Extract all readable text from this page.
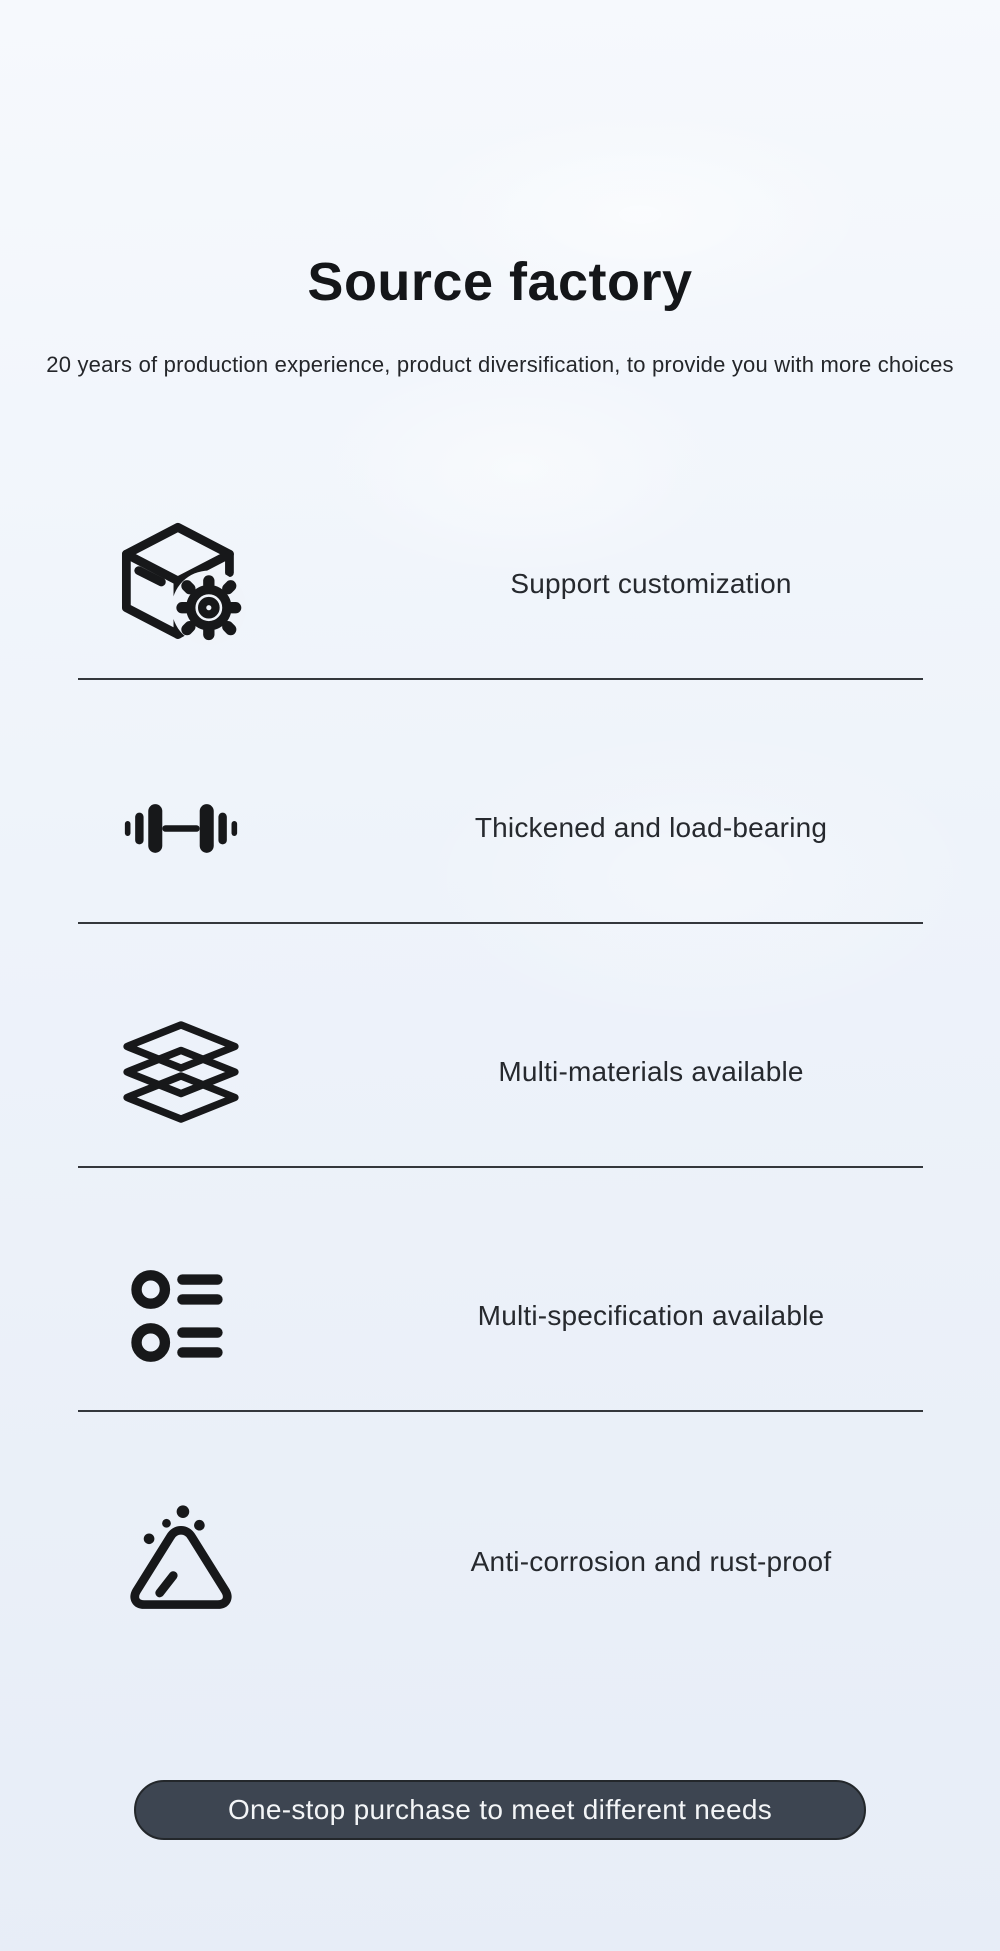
Source factory
20 years of production experience, product diversification, to provide you with more choices
Support customization
Thickened and load-bearing
Multi-materials available
Multi-specification available
Anti-corrosion and rust-proof
One-stop purchase to meet different needs
